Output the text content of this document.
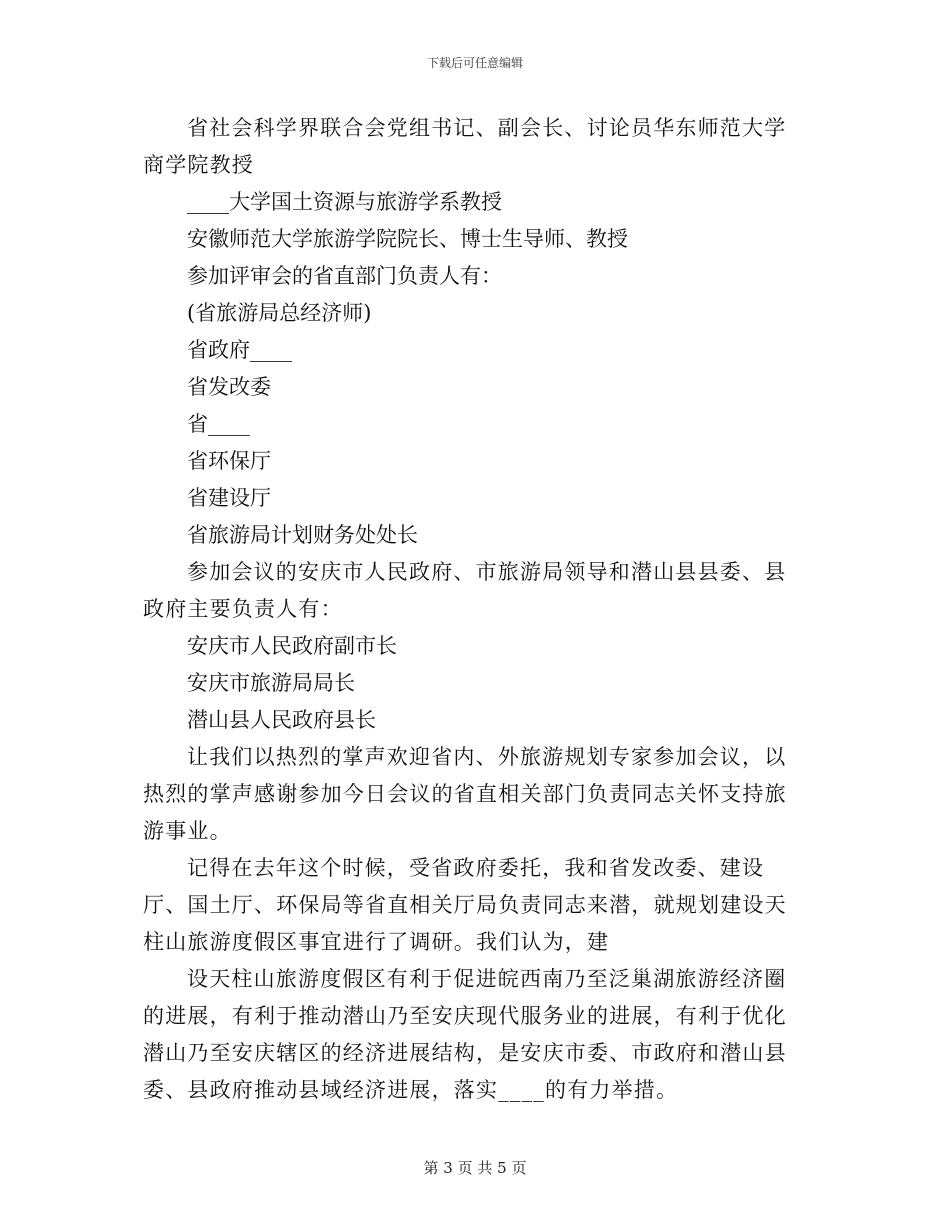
下载后可任意编辑

省社会科学界联合会党组书记、副会长、讨论员华东师范大学商学院教授

____大学国土资源与旅游学系教授

安徽师范大学旅游学院院长、博士生导师、教授

参加评审会的省直部门负责人有：

(省旅游局总经济师)

省政府____

省发改委

省____

省环保厅

省建设厅

省旅游局计划财务处处长

参加会议的安庆市人民政府、市旅游局领导和潜山县县委、县政府主要负责人有：

安庆市人民政府副市长

安庆市旅游局局长

潜山县人民政府县长

让我们以热烈的掌声欢迎省内、外旅游规划专家参加会议，以热烈的掌声感谢参加今日会议的省直相关部门负责同志关怀支持旅游事业。

记得在去年这个时候，受省政府委托，我和省发改委、建设厅、国土厅、环保局等省直相关厅局负责同志来潜，就规划建设天柱山旅游度假区事宜进行了调研。我们认为，建

设天柱山旅游度假区有利于促进皖西南乃至泛巢湖旅游经济圈的进展，有利于推动潜山乃至安庆现代服务业的进展，有利于优化潜山乃至安庆辖区的经济进展结构，是安庆市委、市政府和潜山县委、县政府推动县域经济进展，落实____的有力举措。

第 3 页 共 5 页
